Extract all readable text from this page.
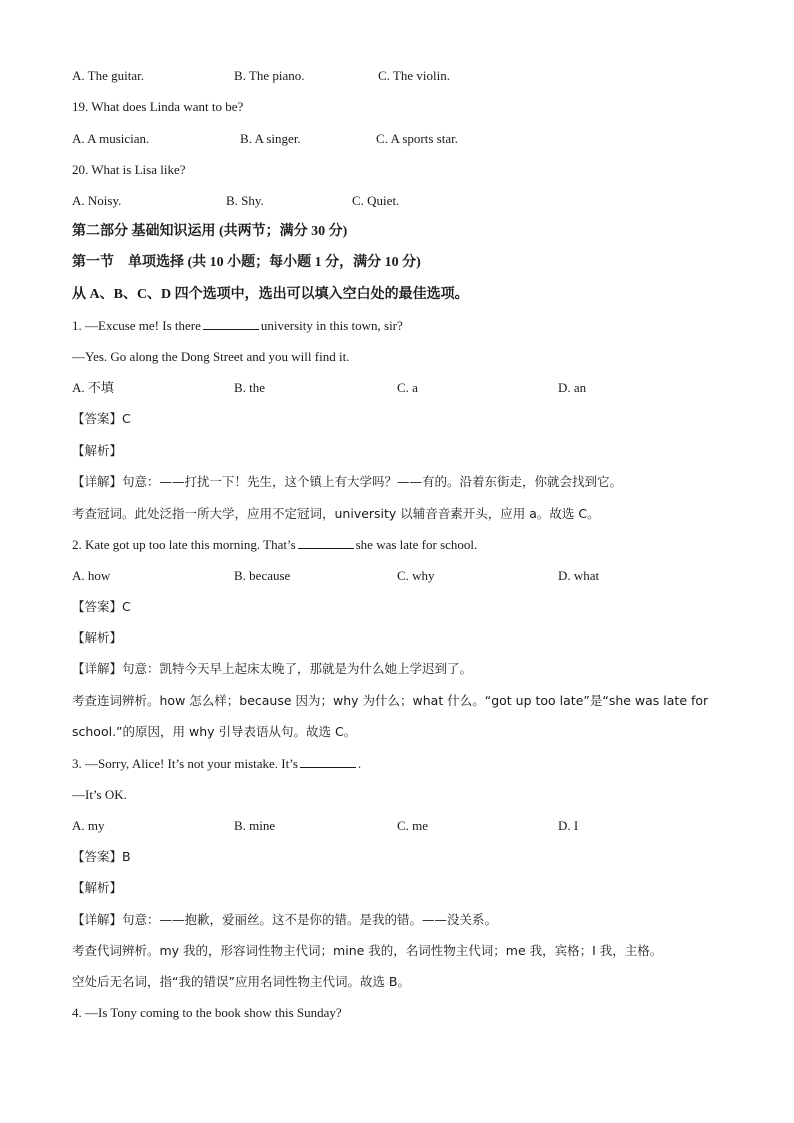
A. The guitar.	B. The piano.	C. The violin.
19. What does Linda want to be?
A. A musician.	B. A singer.	C. A sports star.
20. What is Lisa like?
A. Noisy.	B. Shy.	C. Quiet.
第二部分 基础知识运用 (共两节；满分 30 分)
第一节　单项选择 (共 10 小题；每小题 1 分，满分 10 分)
从 A、B、C、D 四个选项中，选出可以填入空白处的最佳选项。
1. —Excuse me! Is there	university in this town, sir?
—Yes. Go along the Dong Street and you will find it.
A. 不填	B. the	C. a	D. an
【答案】C
【解析】
【详解】句意：——打扰一下！先生，这个镇上有大学吗？——有的。沿着东街走，你就会找到它。
考查冠词。此处泛指一所大学，应用不定冠词，university 以辅音音素开头，应用 a。故选 C。
2. Kate got up too late this morning. That’s	she was late for school.
A. how	B. because	C. why	D. what
【答案】C
【解析】
【详解】句意：凯特今天早上起床太晚了，那就是为什么她上学迟到了。
考查连词辨析。how 怎么样；because 因为；why 为什么；what 什么。“got up too late”是“she was late for
school.”的原因，用 why 引导表语从句。故选 C。
3. —Sorry, Alice! It’s not your mistake. It’s	.
—It’s OK.
A. my	B. mine	C. me	D. I
【答案】B
【解析】
【详解】句意：——抱歉，爱丽丝。这不是你的错。是我的错。——没关系。
考查代词辨析。my 我的，形容词性物主代词；mine 我的，名词性物主代词；me 我，宾格；I 我，主格。
空处后无名词，指“我的错误”应用名词性物主代词。故选 B。
4. —Is Tony coming to the book show this Sunday?
